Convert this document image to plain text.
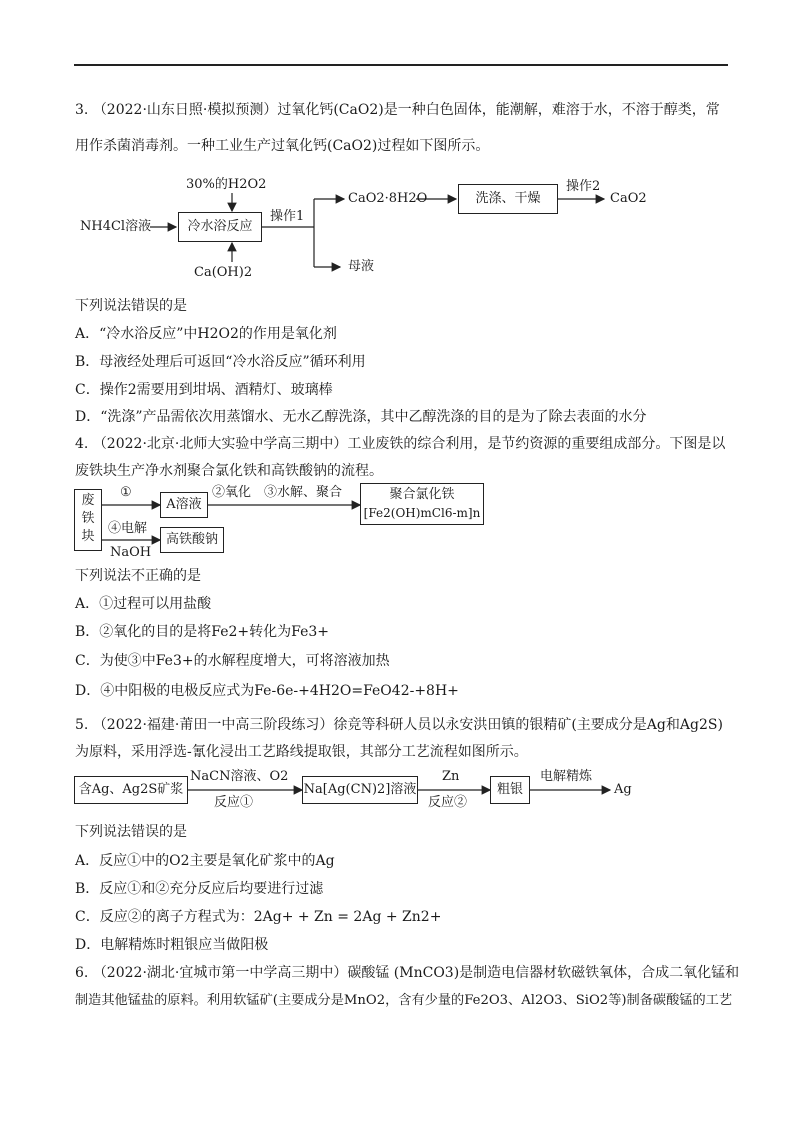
3. （2022·山东日照·模拟预测）过氧化钙(CaO2)是一种白色固体，能潮解，难溶于水，不溶于醇类，常
用作杀菌消毒剂。一种工业生产过氧化钙(CaO2)过程如下图所示。
30%的H2O2
NH4Cl溶液	冷水浴反应
Ca(OH)2
操作1
CaO2·8H2O	洗涤、干燥
操作2
CaO2
母液
下列说法错误的是
A．“冷水浴反应”中H2O2的作用是氧化剂
B．母液经处理后可返回“冷水浴反应”循环利用
C．操作2需要用到坩埚、酒精灯、玻璃棒
D．“洗涤”产品需依次用蒸馏水、无水乙醇洗涤，其中乙醇洗涤的目的是为了除去表面的水分
4. （2022·北京·北师大实验中学高三期中）工业废铁的综合利用，是节约资源的重要组成部分。下图是以
废铁块生产净水剂聚合氯化铁和高铁酸钠的流程。
废
铁
块
①
A溶液
②氧化 ③水解、聚合	聚合氯化铁
[Fe2(OH)mCl6-m]n
④电解
NaOH
高铁酸钠
下列说法不正确的是
A．①过程可以用盐酸
B．②氧化的目的是将Fe2+转化为Fe3+
C．为使③中Fe3+的水解程度增大，可将溶液加热
D．④中阳极的电极反应式为Fe-6e-+4H2O=FeO42-+8H+
5. （2022·福建·莆田一中高三阶段练习）徐竞等科研人员以永安洪田镇的银精矿(主要成分是Ag和Ag2S)
为原料，采用浮选-氰化浸出工艺路线提取银，其部分工艺流程如图所示。
含Ag、Ag2S矿浆
NaCN溶液、O2
反应①
Na[Ag(CN)2]溶液
Zn
反应②
粗银
电解精炼
Ag
下列说法错误的是
A．反应①中的O2主要是氧化矿浆中的Ag
B．反应①和②充分反应后均要进行过滤
C．反应②的离子方程式为：2Ag+ + Zn = 2Ag + Zn2+
D．电解精炼时粗银应当做阳极
6. （2022·湖北·宜城市第一中学高三期中）碳酸锰 (MnCO3)是制造电信器材软磁铁氧体，合成二氧化锰和
制造其他锰盐的原料。利用软锰矿(主要成分是MnO2，含有少量的Fe2O3、Al2O3、SiO2等)制备碳酸锰的工艺
